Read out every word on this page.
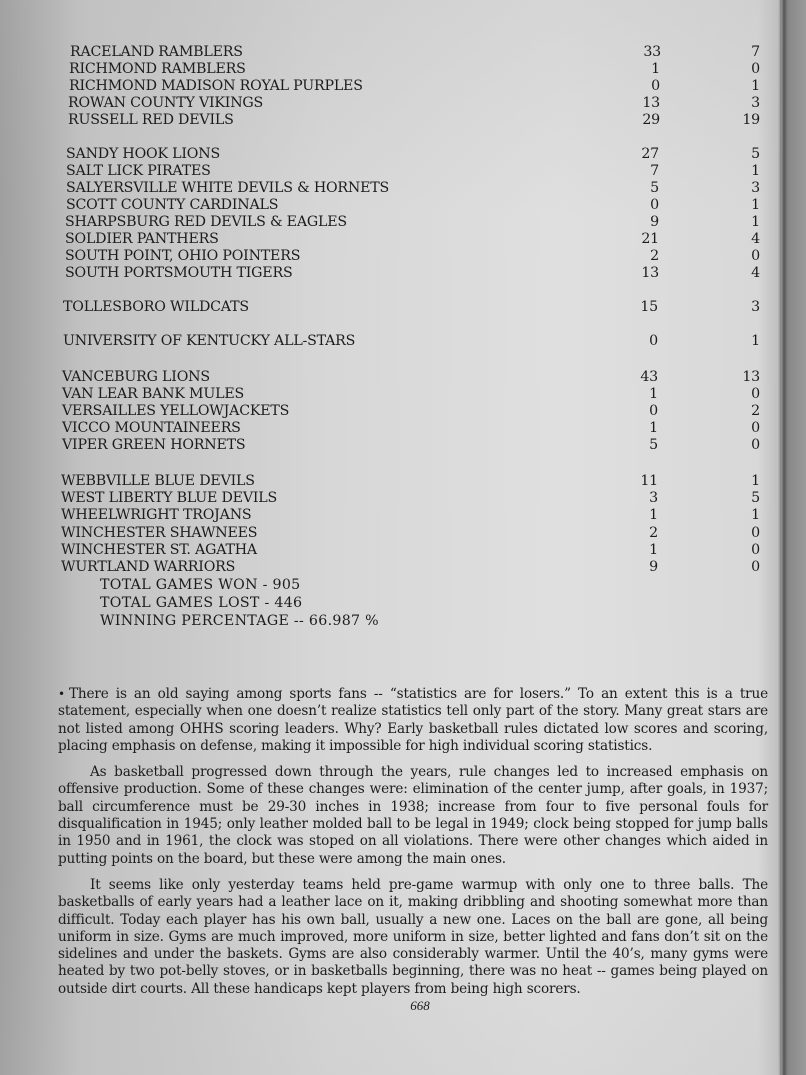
RACELAND RAMBLERS	33	7
RICHMOND RAMBLERS	1	0
RICHMOND MADISON ROYAL PURPLES	0	1
ROWAN COUNTY VIKINGS	13	3
RUSSELL RED DEVILS	29	19
SANDY HOOK LIONS	27	5
SALT LICK PIRATES	7	1
SALYERSVILLE WHITE DEVILS & HORNETS	5	3
SCOTT COUNTY CARDINALS	0	1
SHARPSBURG RED DEVILS & EAGLES	9	1
SOLDIER PANTHERS	21	4
SOUTH POINT, OHIO POINTERS	2	0
SOUTH PORTSMOUTH TIGERS	13	4
TOLLESBORO WILDCATS	15	3
UNIVERSITY OF KENTUCKY ALL-STARS	0	1
VANCEBURG LIONS	43	13
VAN LEAR BANK MULES	1	0
VERSAILLES YELLOWJACKETS	0	2
VICCO MOUNTAINEERS	1	0
VIPER GREEN HORNETS	5	0
WEBBVILLE BLUE DEVILS	11	1
WEST LIBERTY BLUE DEVILS	3	5
WHEELWRIGHT TROJANS	1	1
WINCHESTER SHAWNEES	2	0
WINCHESTER ST. AGATHA	1	0
WURTLAND WARRIORS	9	0
TOTAL GAMES WON - 905
TOTAL GAMES LOST - 446
WINNING PERCENTAGE -- 66.987 %

• There is an old saying among sports fans -- “statistics are for losers.” To an extent this is a true statement, especially when one doesn’t realize statistics tell only part of the story. Many great stars are not listed among OHHS scoring leaders. Why? Early basketball rules dictated low scores and scoring, placing emphasis on defense, making it impossible for high individual scoring statistics.

As basketball progressed down through the years, rule changes led to increased emphasis on offensive production. Some of these changes were: elimination of the center jump, after goals, in 1937; ball circumference must be 29-30 inches in 1938; increase from four to five personal fouls for disqualification in 1945; only leather molded ball to be legal in 1949; clock being stopped for jump balls in 1950 and in 1961, the clock was stoped on all violations. There were other changes which aided in putting points on the board, but these were among the main ones.

It seems like only yesterday teams held pre-game warmup with only one to three balls. The basketballs of early years had a leather lace on it, making dribbling and shooting somewhat more than difficult. Today each player has his own ball, usually a new one. Laces on the ball are gone, all being uniform in size. Gyms are much improved, more uniform in size, better lighted and fans don’t sit on the sidelines and under the baskets. Gyms are also considerably warmer. Until the 40’s, many gyms were heated by two pot-belly stoves, or in basketballs beginning, there was no heat -- games being played on outside dirt courts. All these handicaps kept players from being high scorers.

668
